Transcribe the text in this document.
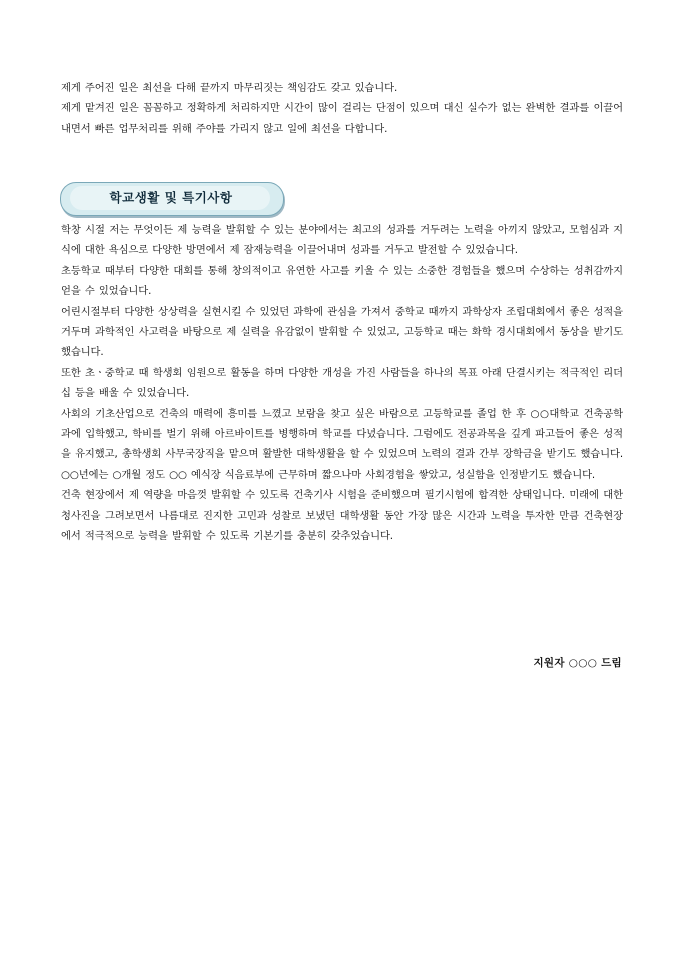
제게 주어진 일은 최선을 다해 끝까지 마무리짓는 책임감도 갖고 있습니다.

제게 맡겨진 일은 꼼꼼하고 정확하게 처리하지만 시간이 많이 걸리는 단점이 있으며 대신 실수가 없는 완벽한 결과를 이끌어내면서 빠른 업무처리를 위해 주야를 가리지 않고 일에 최선을 다합니다.

학교생활 및 특기사항

학창 시절 저는 무엇이든 제 능력을 발휘할 수 있는 분야에서는 최고의 성과를 거두려는 노력을 아끼지 않았고, 모험심과 지식에 대한 욕심으로 다양한 방면에서 제 잠재능력을 이끌어내며 성과를 거두고 발전할 수 있었습니다.

초등학교 때부터 다양한 대회를 통해 창의적이고 유연한 사고를 키울 수 있는 소중한 경험들을 했으며 수상하는 성취감까지 얻을 수 있었습니다.

어린시절부터 다양한 상상력을 실현시킬 수 있었던 과학에 관심을 가져서 중학교 때까지 과학상자 조립대회에서 좋은 성적을 거두며 과학적인 사고력을 바탕으로 제 실력을 유감없이 발휘할 수 있었고, 고등학교 때는 화학 경시대회에서 동상을 받기도 했습니다.

또한 초ㆍ중학교 때 학생회 임원으로 활동을 하며 다양한 개성을 가진 사람들을 하나의 목표 아래 단결시키는 적극적인 리더십 등을 배울 수 있었습니다.

사회의 기초산업으로 건축의 매력에 흥미를 느꼈고 보람을 찾고 싶은 바람으로 고등학교를 졸업 한 후 ○○대학교 건축공학과에 입학했고, 학비를 벌기 위해 아르바이트를 병행하며 학교를 다녔습니다. 그럼에도 전공과목을 깊게 파고들어 좋은 성적을 유지했고, 총학생회 사무국장직을 맡으며 활발한 대학생활을 할 수 있었으며 노력의 결과 간부 장학금을 받기도 했습니다. ○○년에는 ○개월 정도 ○○ 예식장 식음료부에 근무하며 짧으나마 사회경험을 쌓았고, 성실함을 인정받기도 했습니다.

건축 현장에서 제 역량을 마음껏 발휘할 수 있도록 건축기사 시험을 준비했으며 필기시험에 합격한 상태입니다. 미래에 대한 청사진을 그려보면서 나름대로 진지한 고민과 성찰로 보냈던 대학생활 동안 가장 많은 시간과 노력을 투자한 만큼 건축현장에서 적극적으로 능력을 발휘할 수 있도록 기본기를 충분히 갖추었습니다.

지원자 ○○○ 드림
